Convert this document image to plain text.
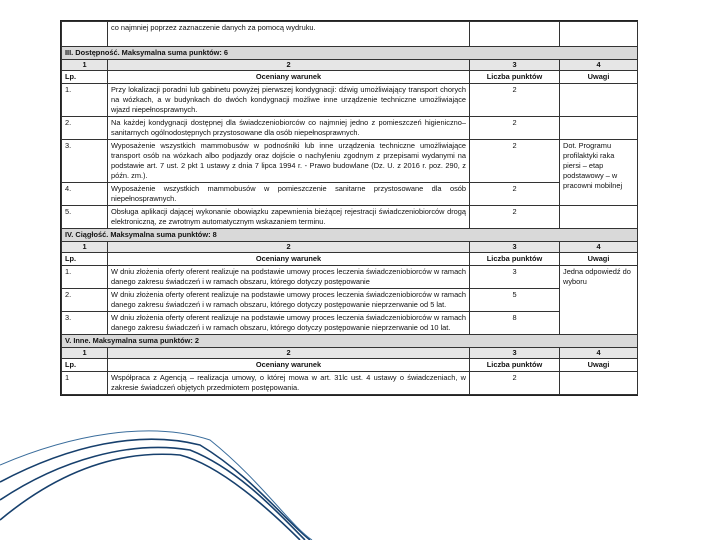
	co najmniej poprzez zaznaczenie danych za pomocą wydruku.		
III. Dostępność. Maksymalna suma punktów: 6			
1	2	3	4
Lp.	Oceniany warunek	Liczba punktów	Uwagi
1.	Przy lokalizacji poradni lub gabinetu powyżej pierwszej kondygnacji: dźwig umożliwiający transport chorych na wózkach, a w budynkach do dwóch kondygnacji możliwe inne urządzenie techniczne umożliwiające wjazd niepełnosprawnych.	2	
2.	Na każdej kondygnacji dostępnej dla świadczeniobiorców co najmniej jedno z pomieszczeń higieniczno–sanitarnych ogólnodostępnych przystosowane dla osób niepełnosprawnych.	2	
3.	Wyposażenie wszystkich mammobusów w podnośniki lub inne urządzenia techniczne umożliwiające transport osób na wózkach albo podjazdy oraz dojście o nachyleniu zgodnym z przepisami wydanymi na podstawie art. 7 ust. 2 pkt 1 ustawy z dnia 7 lipca 1994 r. - Prawo budowlane (Dz. U. z 2016 r. poz. 290, z późn. zm.).	2	Dot. Programu profilaktyki raka piersi – etap podstawowy – w pracowni mobilnej
4.	Wyposażenie wszystkich mammobusów w pomieszczenie sanitarne przystosowane dla osób niepełnosprawnych.	2	
5.	Obsługa aplikacji dającej wykonanie obowiązku zapewnienia bieżącej rejestracji świadczeniobiorców drogą elektroniczną, ze zwrotnym automatycznym wskazaniem terminu.	2	
IV. Ciągłość. Maksymalna suma punktów: 8			
1	2	3	4
Lp.	Oceniany warunek	Liczba punktów	Uwagi
1.	W dniu złożenia oferty oferent realizuje na podstawie umowy proces leczenia świadczeniobiorców w ramach danego zakresu świadczeń i w ramach obszaru, którego dotyczy postępowanie	3	Jedna odpowiedź do wyboru
2.	W dniu złożenia oferty oferent realizuje na podstawie umowy proces leczenia świadczeniobiorców w ramach danego zakresu świadczeń i w ramach obszaru, którego dotyczy postępowanie nieprzerwanie od 5 lat.	5	
3.	W dniu złożenia oferty oferent realizuje na podstawie umowy proces leczenia świadczeniobiorców w ramach danego zakresu świadczeń i w ramach obszaru, którego dotyczy postępowanie nieprzerwanie od 10 lat.	8	
V. Inne. Maksymalna suma punktów: 2			
1	2	3	4
Lp.	Oceniany warunek	Liczba punktów	Uwagi
1	Współpraca z Agencją – realizacja umowy, o której mowa w art. 31lc ust. 4 ustawy o świadczeniach, w zakresie świadczeń objętych przedmiotem postępowania.	2	
